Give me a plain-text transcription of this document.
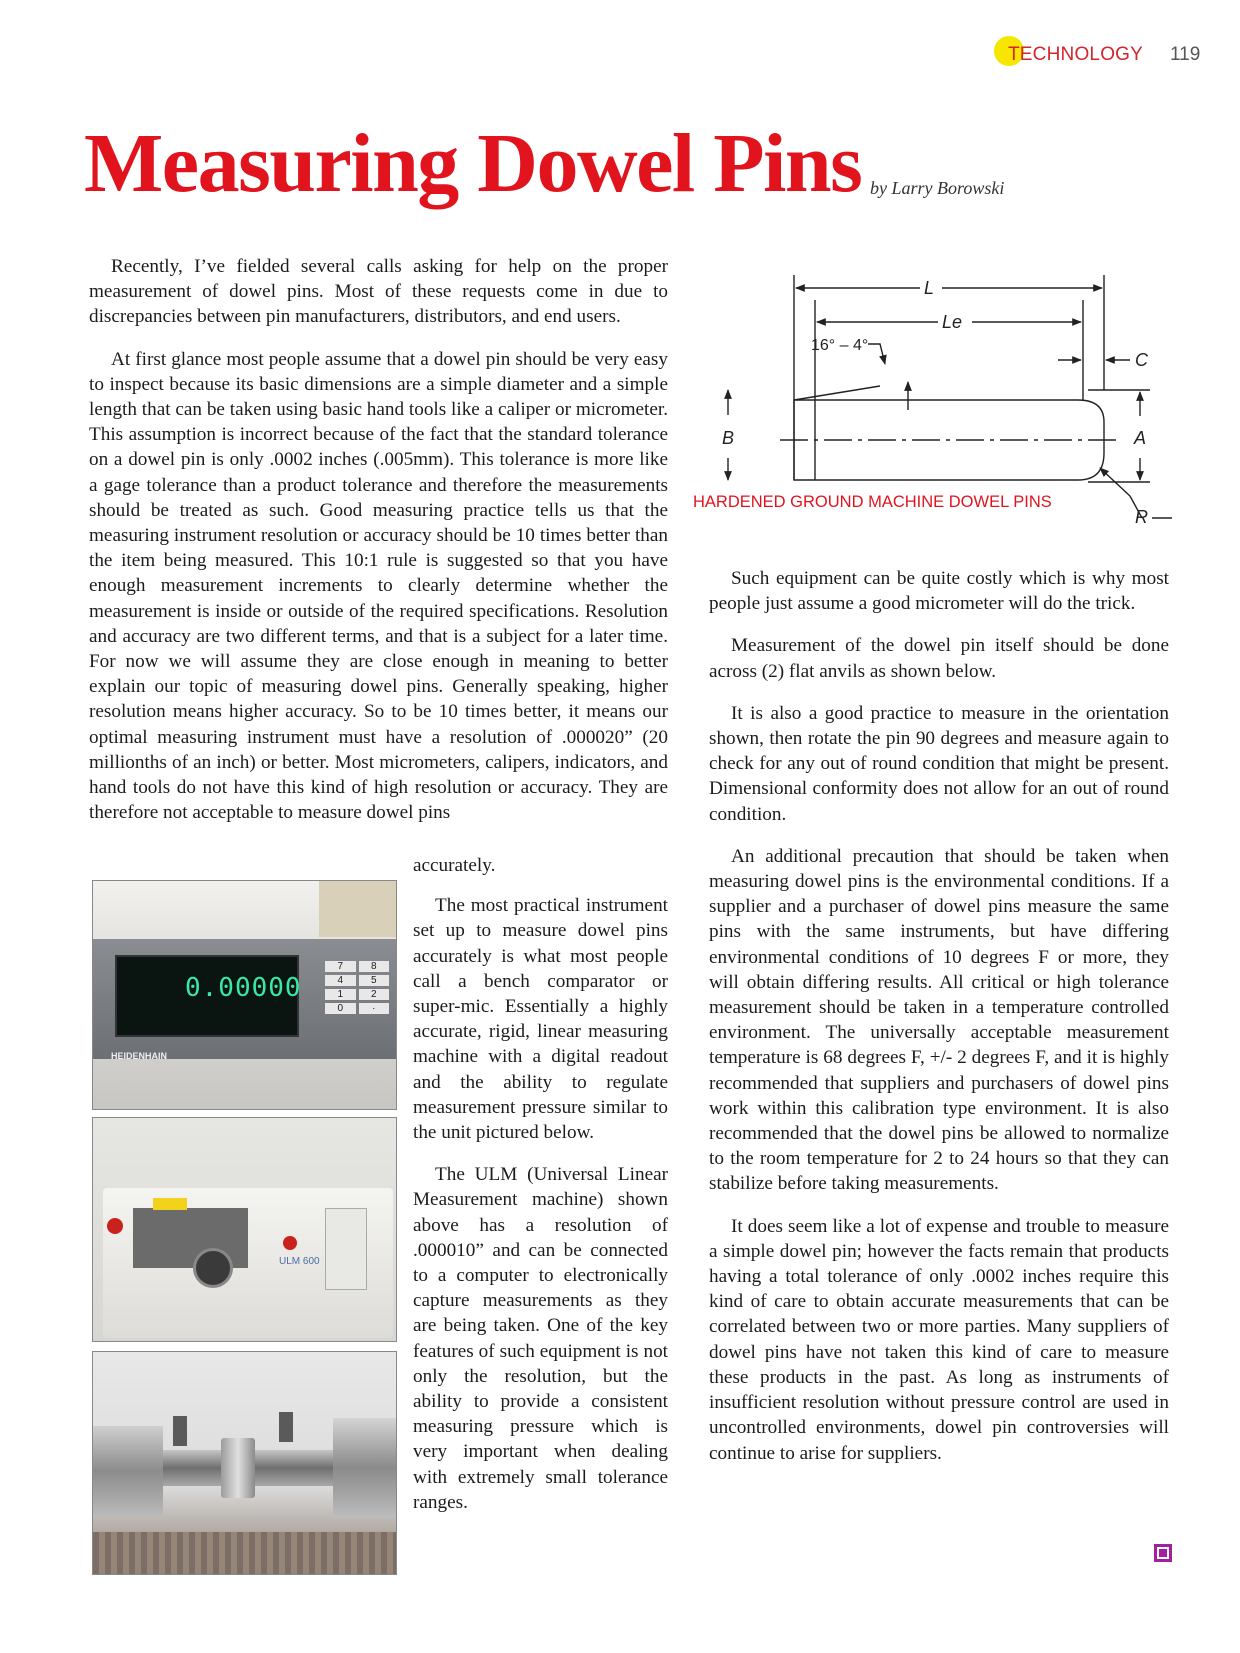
TECHNOLOGY 119
Measuring Dowel Pins by Larry Borowski

Recently, I’ve fielded several calls asking for help on the proper measurement of dowel pins. Most of these requests come in due to discrepancies between pin manufacturers, distributors, and end users.

At first glance most people assume that a dowel pin should be very easy to inspect because its basic dimensions are a simple diameter and a simple length that can be taken using basic hand tools like a caliper or micrometer. This assumption is incorrect because of the fact that the standard tolerance on a dowel pin is only .0002 inches (.005mm). This tolerance is more like a gage tolerance than a product tolerance and therefore the measurements should be treated as such. Good measuring practice tells us that the measuring instrument resolution or accuracy should be 10 times better than the item being measured. This 10:1 rule is suggested so that you have enough measurement increments to clearly determine whether the measurement is inside or outside of the required specifications. Resolution and accuracy are two different terms, and that is a subject for a later time. For now we will assume they are close enough in meaning to better explain our topic of measuring dowel pins. Generally speaking, higher resolution means higher accuracy. So to be 10 times better, it means our optimal measuring instrument must have a resolution of .000020” (20 millionths of an inch) or better. Most micrometers, calipers, indicators, and hand tools do not have this kind of high resolution or accuracy. They are therefore not acceptable to measure dowel pins

accurately.

The most practical instrument set up to measure dowel pins accurately is what most people call a bench comparator or super-mic. Essentially a highly accurate, rigid, linear measuring machine with a digital readout and the ability to regulate measurement pressure similar to the unit pictured below.

The ULM (Universal Linear Measurement machine) shown above has a resolution of .000010” and can be connected to a computer to electronically capture measurements as they are being taken. One of the key features of such equipment is not only the resolution, but the ability to provide a consistent measuring pressure which is very important when dealing with extremely small tolerance ranges.

Such equipment can be quite costly which is why most people just assume a good micrometer will do the trick.

Measurement of the dowel pin itself should be done across (2) flat anvils as shown below.

It is also a good practice to measure in the orientation shown, then rotate the pin 90 degrees and measure again to check for any out of round condition that might be present. Dimensional conformity does not allow for an out of round condition.

An additional precaution that should be taken when measuring dowel pins is the environmental conditions. If a supplier and a purchaser of dowel pins measure the same pins with the same instruments, but have differing environmental conditions of 10 degrees F or more, they will obtain differing results. All critical or high tolerance measurement should be taken in a temperature controlled environment. The universally acceptable measurement temperature is 68 degrees F, +/- 2 degrees F, and it is highly recommended that suppliers and purchasers of dowel pins work within this calibration type environment. It is also recommended that the dowel pins be allowed to normalize to the room temperature for 2 to 24 hours so that they can stabilize before taking measurements.

It does seem like a lot of expense and trouble to measure a simple dowel pin; however the facts remain that products having a total tolerance of only .0002 inches require this kind of care to obtain accurate measurements that can be correlated between two or more parties. Many suppliers of dowel pins have not taken this kind of care to measure these products in the past. As long as instruments of insufficient resolution without pressure control are used in uncontrolled environments, dowel pin controversies will continue to arise for suppliers.

L
Le
16° – 4°
C
B	A
R
HARDENED GROUND MACHINE DOWEL PINS
0.00000
HEIDENHAIN
7	8
4	5
1	2
0	·
ULM 600
